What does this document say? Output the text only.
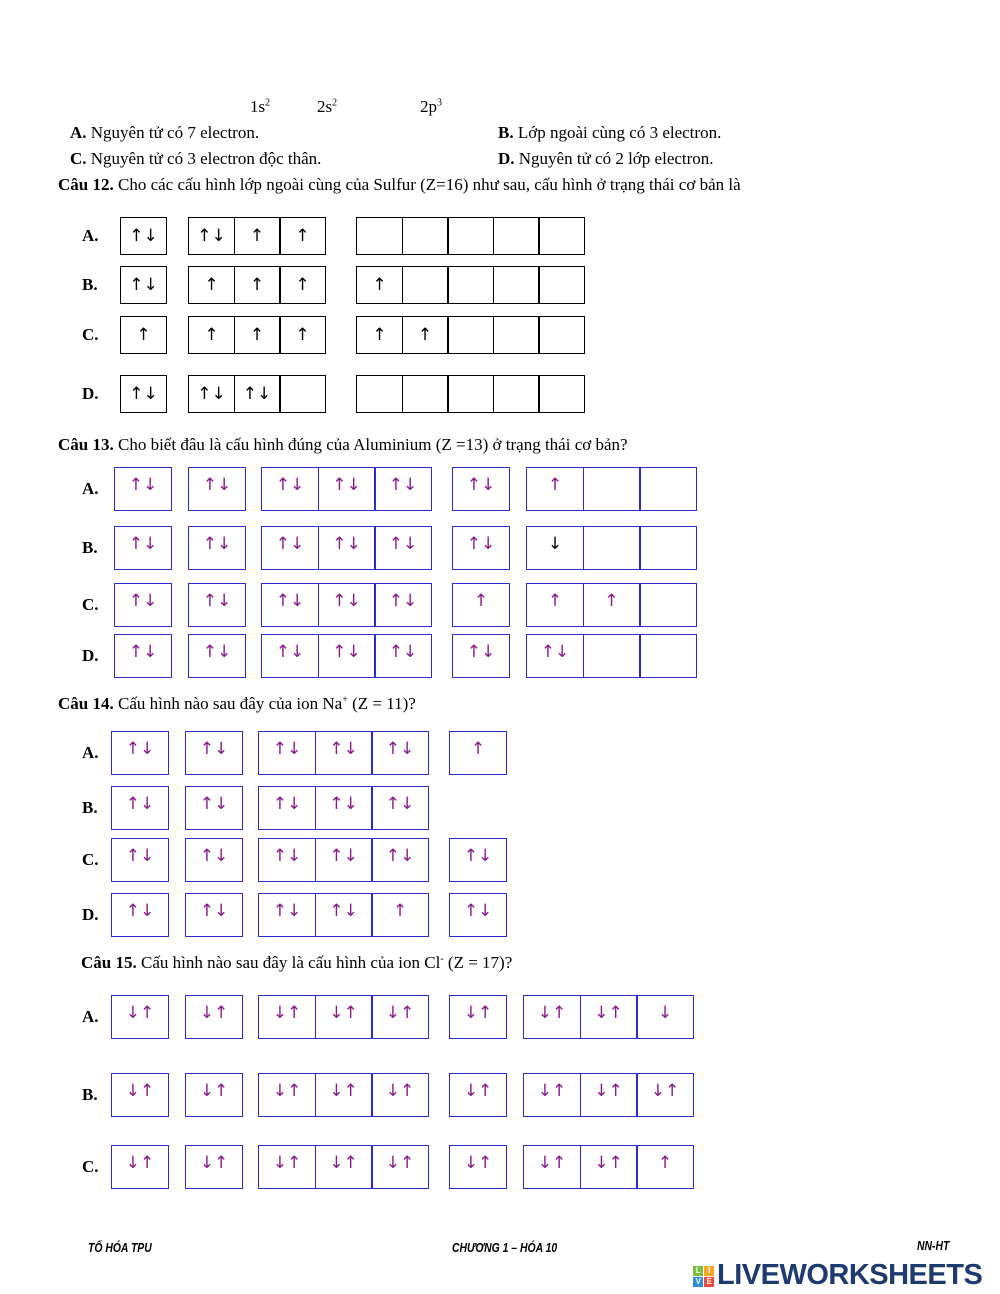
$1s^2$	$2s^2$	$2p^3$
A. Nguyên tử có 7 electron.	B. Lớp ngoài cùng có 3 electron.
C. Nguyên tử có 3 electron độc thân.	D. Nguyên tử có 2 lớp electron.
Câu 12. Cho các cấu hình lớp ngoài cùng của Sulfur (Z=16) như sau, cấu hình ở trạng thái cơ bản là
A.	↑↓	↑↓	↑	↑
B.	↑↓	↑	↑	↑	↑
C.	↑	↑	↑	↑	↑	↑
D.	↑↓	↑↓	↑↓
Câu 13. Cho biết đâu là cấu hình đúng của Aluminium (Z =13) ở trạng thái cơ bản?
A.	↑↓	↑↓	↑↓	↑↓	↑↓	↑↓	↑
B.	↑↓	↑↓	↑↓	↑↓	↑↓	↑↓	↓
C.	↑↓	↑↓	↑↓	↑↓	↑↓	↑	↑	↑
D.	↑↓	↑↓	↑↓	↑↓	↑↓	↑↓	↑↓
Câu 14. Cấu hình nào sau đây của ion Na+ (Z = 11)?
A.	↑↓	↑↓	↑↓	↑↓	↑↓	↑
B.	↑↓	↑↓	↑↓	↑↓	↑↓
C.	↑↓	↑↓	↑↓	↑↓	↑↓	↑↓
D.	↑↓	↑↓	↑↓	↑↓	↑	↑↓
Câu 15. Cấu hình nào sau đây là cấu hình của ion Cl- (Z = 17)?
A.	↓↑	↓↑	↓↑	↓↑	↓↑	↓↑	↓↑	↓↑	↓
B.	↓↑	↓↑	↓↑	↓↑	↓↑	↓↑	↓↑	↓↑	↓↑
C.	↓↑	↓↑	↓↑	↓↑	↓↑	↓↑	↓↑	↓↑	↑
TỔ HÓA TPU	CHƯƠNG 1 – HÓA 10	NN-HT
L I
V E LIVEWORKSHEETS
